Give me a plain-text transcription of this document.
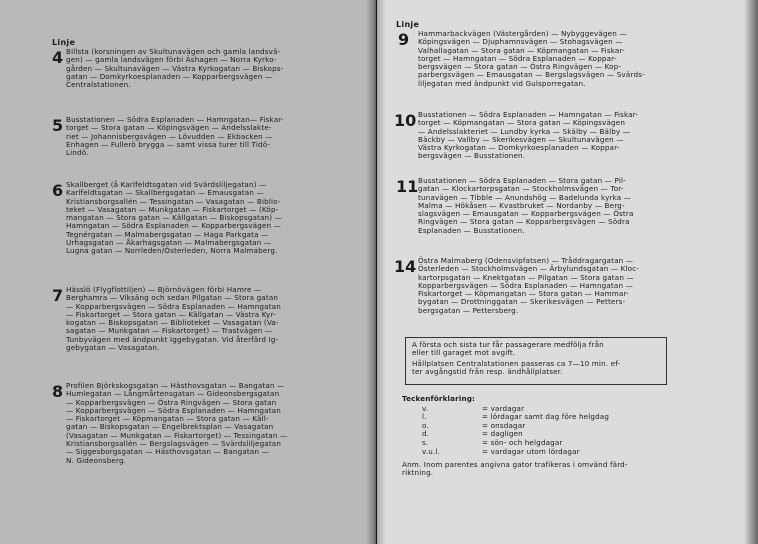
Linje
4 Billsta (korsningen av Skultunavägen och gamla landsvä-
gen) — gamla landsvägen förbi Äshagen — Norra Kyrko-
gården — Skultunavägen — Västra Kyrkogatan — Biskops-
gatan — Domkyrkoesplanaden — Kopparbergsvägen —
Centralstationen.
5 Busstationen — Södra Esplanaden — Hamngatan— Fiskar-
torget — Stora gatan — Köpingsvägen — Andelsslakte-
riet — Johannisbergsvägen — Lövudden — Ekbacken —
Enhagen — Fullerö brygga — samt vissa turer till Tidö-
Lindö.
6 Skallberget (å Karlfeldtsgatan vid Svärdsliljegatan) —
Karlfeldtsgatan — Skallbergsgatan — Emausgatan —
Kristiansborgsallén — Tessingatan — Vasagatan — Biblio-
teket — Vasagatan — Munkgatan — Fiskartorget — (Köp-
mangatan — Stora gatan — Källgatan — Biskopsgatan) —
Hamngatan — Södra Esplanaden — Kopparbergsvägen —
Tegnérgatan — Malmabergsgatan — Haga Parkgata —
Urhagsgatan — Åkarhagsgatan — Malmabergsgatan —
Lugna gatan — Norrleden/Österleden, Norra Malmaberg.
7 Hässlö (Flygflottiljen) — Björnövägen förbi Hamre —
Berghamra — Viksäng och sedan Pilgatan — Stora gatan
— Kopparbergsvägen — Södra Esplanaden — Hamngatan
— Fiskartorget — Stora gatan — Källgatan — Västra Kyr-
kogatan — Biskopsgatan — Biblioteket — Vasagatan (Va-
sagatan — Munkgatan — Fiskartorget) — Trastvägen —
Tunbyvägen med ändpunkt Iggebygatan. Vid återfärd Ig-
gebygatan — Vasagatan.
8 Profilen Björkskogsgatan — Hästhovsgatan — Bangatan —
Humlegatan — Långmårtensgatan — Gideonsbergsgatan
— Kopparbergsvägen — Östra Ringvägen — Stora gatan
— Kopparbergsvägen — Södra Esplanaden — Hamngatan
— Fiskartorget — Köpmangatan — Stora gatan — Käll-
gatan — Biskopsgatan — Engelbrektsplan — Vasagatan
(Vasagatan — Munkgatan — Fiskartorget) — Tessingatan —
Kristiansborgsallén — Bergslagsvägen — Svärdsliljegatan
— Siggesborgsgatan — Hästhovsgatan — Bangatan —
N. Gideonsberg.
Linje
9 Hammarbackvägen (Västergården) — Nybyggevägen —
Köpingsvägen — Djuphamnsvägen — Stohagsvägen —
Valhallagatan — Stora gatan — Köpmangatan — Fiskar-
torget — Hamngatan — Södra Esplanaden — Koppar-
bergsvägen — Stora gatan — Östra Ringvägen — Kop-
parbergsvägen — Emausgatan — Bergslagsvägen — Svärds-
liljegatan med ändpunkt vid Gulsporregatan.
10 Busstationen — Södra Esplanaden — Hamngatan — Fiskar-
torget — Köpmangatan — Stora gatan — Köpingsvägen
— Andelsslakteriet — Lundby kyrka — Skälby — Bälby —
Bäckby — Vallby — Skerikesvägen — Skultunavägen —
Västra Kyrkogatan — Domkyrkoesplanaden — Koppar-
bergsvägen — Busstationen.
11 Busstationen — Södra Esplanaden — Stora gatan — Pil-
gatan — Klockartorpsgatan — Stockholmsvägen — Tor-
tunavägen — Tibble — Anundshög — Badelunda kyrka —
Malma — Hökåsen — Kvastbruket — Nordanby — Berg-
slagsvägen — Emausgatan — Kopparbergsvägen — Östra
Ringvägen — Stora gatan — Kopparbergsvägen — Södra
Esplanaden — Busstationen.
14 Östra Malmaberg (Odensvipfatsen) — Tråddragargatan —
Österleden — Stockholmsvägen — Ärbylundsgatan — Kloc-
kartorpsgatan — Knektgatan — Pilgatan — Stora gatan —
Kopparbergsvägen — Södra Esplanaden — Hamngatan —
Fiskartorget — Köpmangatan — Stora gatan — Hammar-
bygatan — Drottninggatan — Skerikesvägen — Petters-
bergsgatan — Pettersberg.
A första och sista tur får passagerare medfölja från
eller till garaget mot avgift.
Hållplatsen Centralstationen passeras ca 7—10 min. ef-
ter avgångstid från resp. ändhållplatser.
Teckenförklaring:
v.	= vardagar
l.	= lördagar samt dag före helgdag
o.	= onsdagar
d.	= dagligen
s.	= sön- och helgdagar
v.u.l.	= vardagar utom lördagar
Anm. Inom parentes angivna gator trafikeras i omvänd färd-
riktning.
